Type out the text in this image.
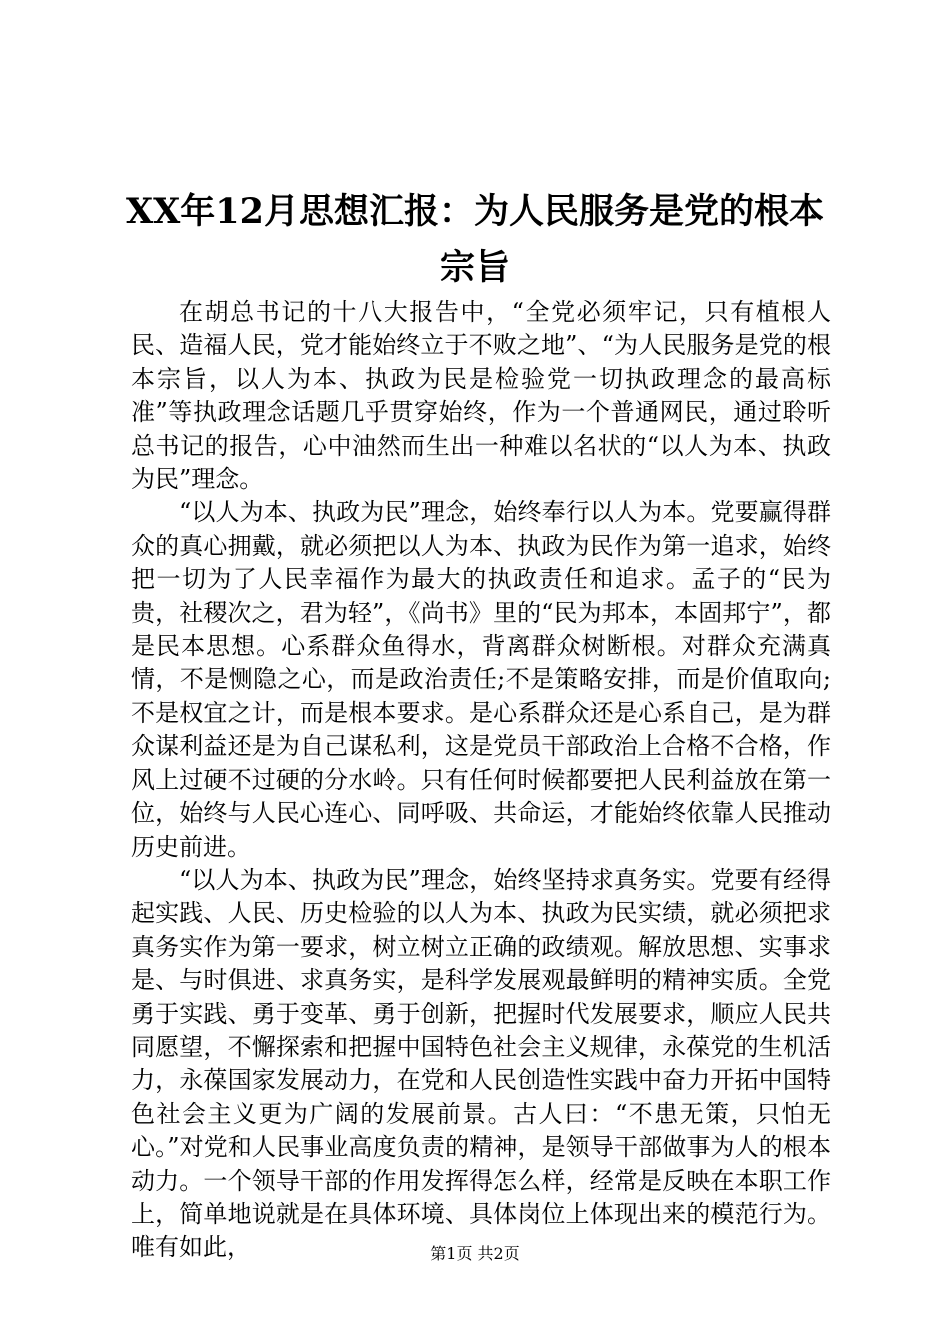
XX年12月思想汇报：为人民服务是党的根本
宗旨

在胡总书记的十八大报告中，“全党必须牢记，只有植根人民、造福人民，党才能始终立于不败之地”、“为人民服务是党的根本宗旨，以人为本、执政为民是检验党一切执政理念的最高标准”等执政理念话题几乎贯穿始终，作为一个普通网民，通过聆听总书记的报告，心中油然而生出一种难以名状的“以人为本、执政为民”理念。

“以人为本、执政为民”理念，始终奉行以人为本。党要赢得群众的真心拥戴，就必须把以人为本、执政为民作为第一追求，始终把一切为了人民幸福作为最大的执政责任和追求。孟子的“民为贵，社稷次之，君为轻”，《尚书》里的“民为邦本，本固邦宁”，都是民本思想。心系群众鱼得水，背离群众树断根。对群众充满真情，不是恻隐之心，而是政治责任;不是策略安排，而是价值取向;不是权宜之计，而是根本要求。是心系群众还是心系自己，是为群众谋利益还是为自己谋私利，这是党员干部政治上合格不合格，作风上过硬不过硬的分水岭。只有任何时候都要把人民利益放在第一位，始终与人民心连心、同呼吸、共命运，才能始终依靠人民推动历史前进。

“以人为本、执政为民”理念，始终坚持求真务实。党要有经得起实践、人民、历史检验的以人为本、执政为民实绩，就必须把求真务实作为第一要求，树立树立正确的政绩观。解放思想、实事求是、与时俱进、求真务实，是科学发展观最鲜明的精神实质。全党勇于实践、勇于变革、勇于创新，把握时代发展要求，顺应人民共同愿望，不懈探索和把握中国特色社会主义规律，永葆党的生机活力，永葆国家发展动力，在党和人民创造性实践中奋力开拓中国特色社会主义更为广阔的发展前景。古人曰：“不患无策，只怕无心。”对党和人民事业高度负责的精神，是领导干部做事为人的根本动力。一个领导干部的作用发挥得怎么样，经常是反映在本职工作上，简单地说就是在具体环境、具体岗位上体现出来的模范行为。唯有如此，	第1页 共2页
